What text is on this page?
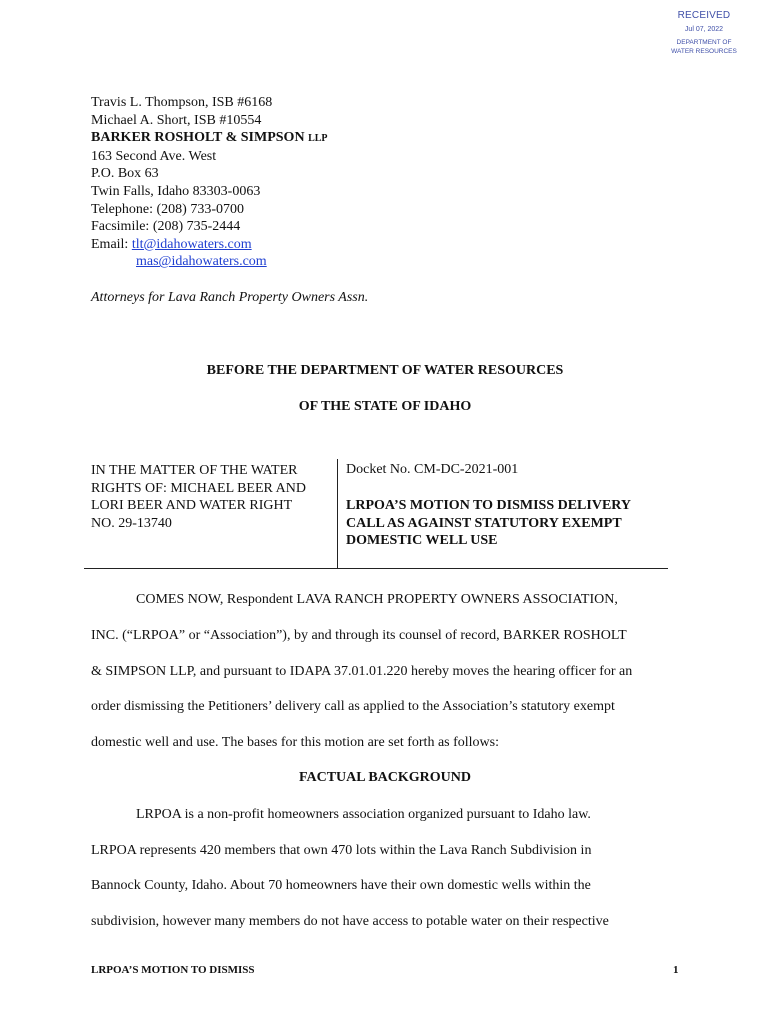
RECEIVED
Jul 07, 2022
DEPARTMENT OF
WATER RESOURCES
Travis L. Thompson, ISB #6168
Michael A. Short, ISB #10554
BARKER ROSHOLT & SIMPSON LLP
163 Second Ave. West
P.O. Box 63
Twin Falls, Idaho 83303-0063
Telephone: (208) 733-0700
Facsimile: (208) 735-2444
Email: tlt@idahowaters.com
mas@idahowaters.com
Attorneys for Lava Ranch Property Owners Assn.
BEFORE THE DEPARTMENT OF WATER RESOURCES
OF THE STATE OF IDAHO
IN THE MATTER OF THE WATER
RIGHTS OF: MICHAEL BEER AND
LORI BEER AND WATER RIGHT
NO. 29-13740
Docket No. CM-DC-2021-001
LRPOA’S MOTION TO DISMISS DELIVERY
CALL AS AGAINST STATUTORY EXEMPT
DOMESTIC WELL USE
COMES NOW, Respondent LAVA RANCH PROPERTY OWNERS ASSOCIATION,
INC. (“LRPOA” or “Association”), by and through its counsel of record, BARKER ROSHOLT
& SIMPSON LLP, and pursuant to IDAPA 37.01.01.220 hereby moves the hearing officer for an
order dismissing the Petitioners’ delivery call as applied to the Association’s statutory exempt
domestic well and use. The bases for this motion are set forth as follows:
FACTUAL BACKGROUND
LRPOA is a non-profit homeowners association organized pursuant to Idaho law.
LRPOA represents 420 members that own 470 lots within the Lava Ranch Subdivision in
Bannock County, Idaho. About 70 homeowners have their own domestic wells within the
subdivision, however many members do not have access to potable water on their respective
LRPOA’S MOTION TO DISMISS	1
